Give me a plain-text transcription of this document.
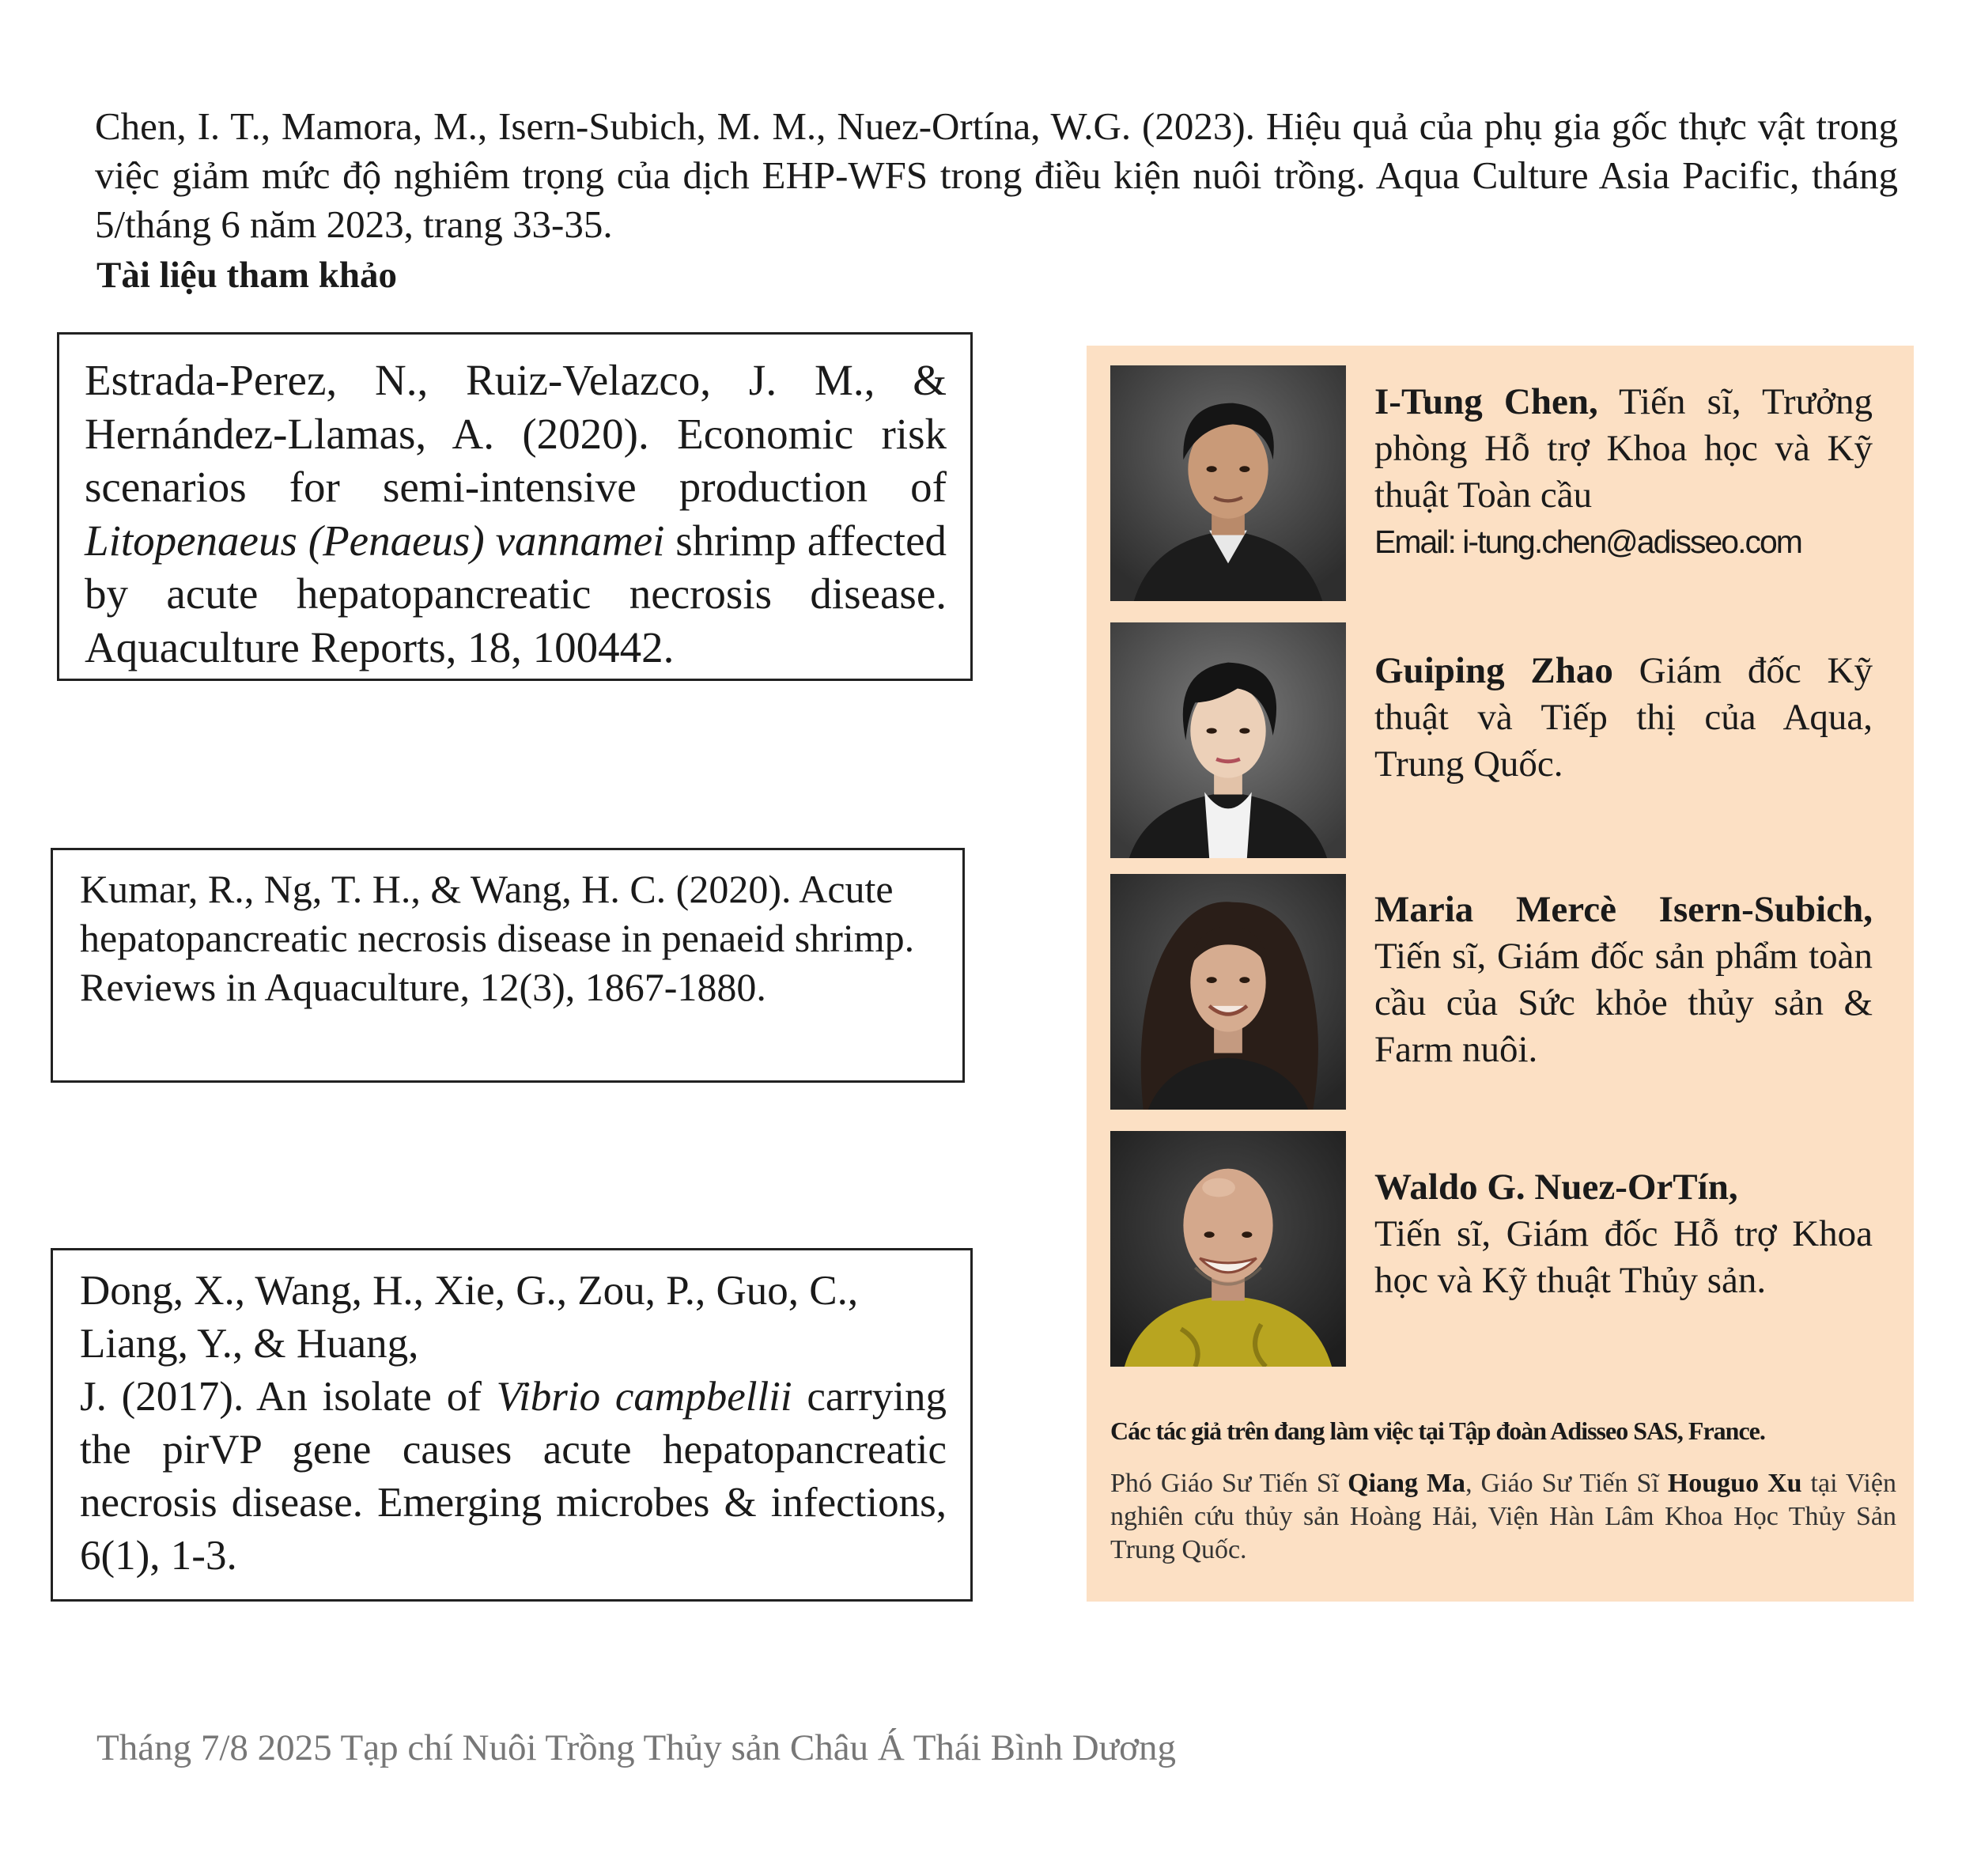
Chen, I. T., Mamora, M., Isern-Subich, M. M., Nuez-Ortína, W.G. (2023). Hiệu quả của phụ gia gốc thực vật trong việc giảm mức độ nghiêm trọng của dịch EHP-WFS trong điều kiện nuôi trồng. Aqua Culture Asia Pacific, tháng 5/tháng 6 năm 2023, trang 33-35.

Tài liệu tham khảo
Estrada-Perez, N., Ruiz-Velazco, J. M., & Hernández-Llamas, A. (2020). Economic risk scenarios for semi-intensive production of Litopenaeus (Penaeus) vannamei shrimp affected by acute hepatopancreatic necrosis disease. Aquaculture Reports, 18, 100442.
Kumar, R., Ng, T. H., & Wang, H. C. (2020). Acute hepatopancreatic necrosis disease in penaeid shrimp. Reviews in Aquaculture, 12(3), 1867-1880.
Dong, X., Wang, H., Xie, G., Zou, P., Guo, C., Liang, Y., & Huang,
J. (2017). An isolate of Vibrio campbellii carrying the pirVP gene causes acute hepatopancreatic necrosis disease. Emerging microbes & infections, 6(1), 1-3.
I-Tung Chen, Tiến sĩ, Trưởng phòng Hỗ trợ Khoa học và Kỹ thuật Toàn cầu
Email: i-tung.chen@adisseo.com
Guiping Zhao Giám đốc Kỹ thuật và Tiếp thị của Aqua, Trung Quốc.
Maria Mercè Isern-Subich, Tiến sĩ, Giám đốc sản phẩm toàn cầu của Sức khỏe thủy sản & Farm nuôi.
Waldo G. Nuez-OrTín,
Tiến sĩ, Giám đốc Hỗ trợ Khoa học và Kỹ thuật Thủy sản.
Các tác giả trên đang làm việc tại Tập đoàn Adisseo SAS, France.
Phó Giáo Sư Tiến Sĩ Qiang Ma, Giáo Sư Tiến Sĩ Houguo Xu tại Viện nghiên cứu thủy sản Hoàng Hải, Viện Hàn Lâm Khoa Học Thủy Sản Trung Quốc.
Tháng 7/8 2025 Tạp chí Nuôi Trồng Thủy sản Châu Á Thái Bình Dương
